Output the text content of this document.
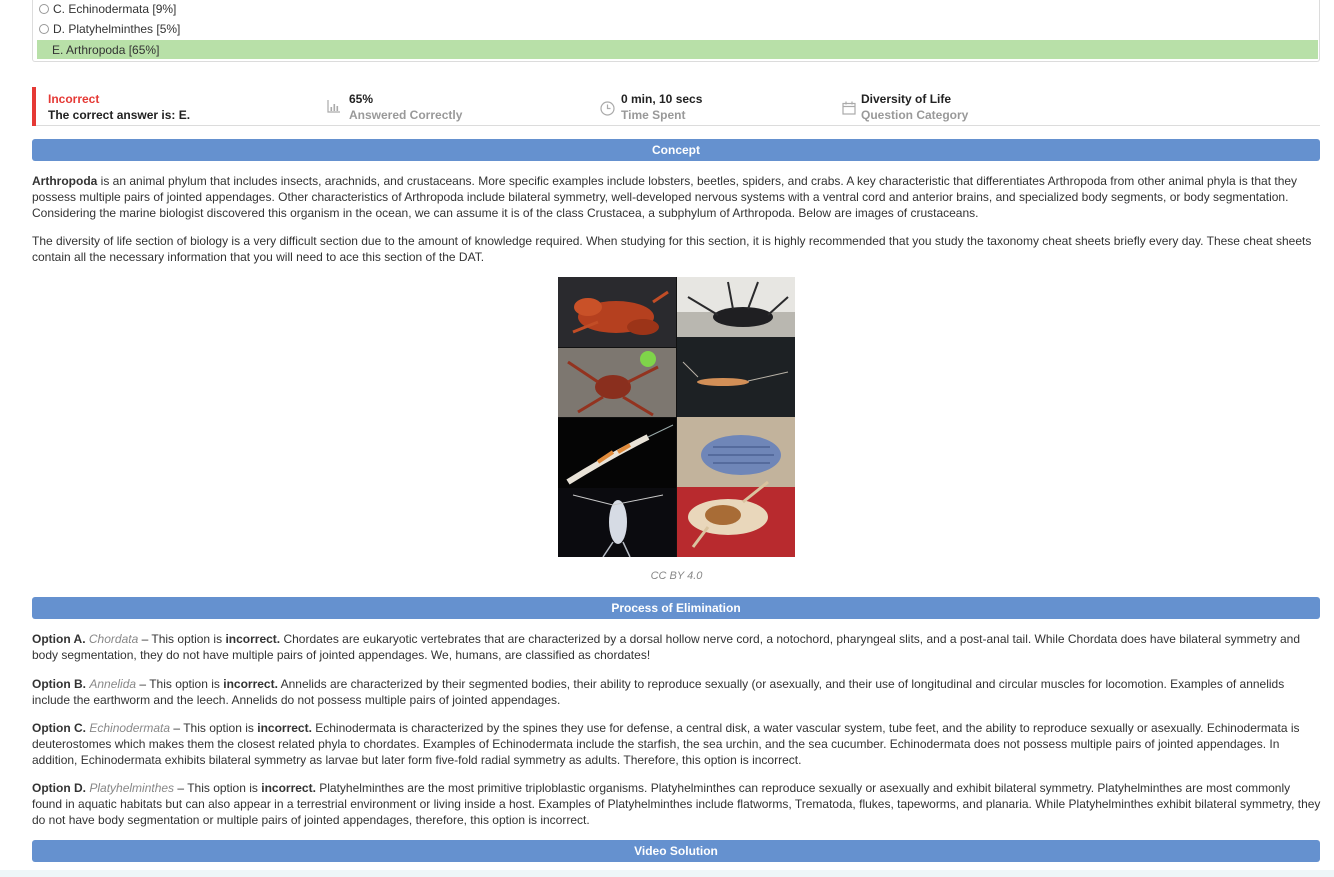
C. Echinodermata [9%]
D. Platyhelminthes [5%]
E. Arthropoda [65%]
Incorrect
The correct answer is: E.
65%
Answered Correctly
0 min, 10 secs
Time Spent
Diversity of Life
Question Category
Concept
Arthropoda is an animal phylum that includes insects, arachnids, and crustaceans. More specific examples include lobsters, beetles, spiders, and crabs. A key characteristic that differentiates Arthropoda from other animal phyla is that they possess multiple pairs of jointed appendages. Other characteristics of Arthropoda include bilateral symmetry, well-developed nervous systems with a ventral cord and anterior brains, and specialized body segments, or body segmentation. Considering the marine biologist discovered this organism in the ocean, we can assume it is of the class Crustacea, a subphylum of Arthropoda. Below are images of crustaceans.
The diversity of life section of biology is a very difficult section due to the amount of knowledge required. When studying for this section, it is highly recommended that you study the taxonomy cheat sheets briefly every day. These cheat sheets contain all the necessary information that you will need to ace this section of the DAT.
CC BY 4.0
Process of Elimination
Option A. Chordata – This option is incorrect. Chordates are eukaryotic vertebrates that are characterized by a dorsal hollow nerve cord, a notochord, pharyngeal slits, and a post-anal tail. While Chordata does have bilateral symmetry and body segmentation, they do not have multiple pairs of jointed appendages. We, humans, are classified as chordates!
Option B. Annelida – This option is incorrect. Annelids are characterized by their segmented bodies, their ability to reproduce sexually (or asexually, and their use of longitudinal and circular muscles for locomotion. Examples of annelids include the earthworm and the leech. Annelids do not possess multiple pairs of jointed appendages.
Option C. Echinodermata – This option is incorrect. Echinodermata is characterized by the spines they use for defense, a central disk, a water vascular system, tube feet, and the ability to reproduce sexually or asexually. Echinodermata is deuterostomes which makes them the closest related phyla to chordates. Examples of Echinodermata include the starfish, the sea urchin, and the sea cucumber. Echinodermata does not possess multiple pairs of jointed appendages. In addition, Echinodermata exhibits bilateral symmetry as larvae but later form five-fold radial symmetry as adults. Therefore, this option is incorrect.
Option D. Platyhelminthes – This option is incorrect. Platyhelminthes are the most primitive triploblastic organisms. Platyhelminthes can reproduce sexually or asexually and exhibit bilateral symmetry. Platyhelminthes are most commonly found in aquatic habitats but can also appear in a terrestrial environment or living inside a host. Examples of Platyhelminthes include flatworms, Trematoda, flukes, tapeworms, and planaria. While Platyhelminthes exhibit bilateral symmetry, they do not have body segmentation or multiple pairs of jointed appendages, therefore, this option is incorrect.
Video Solution
